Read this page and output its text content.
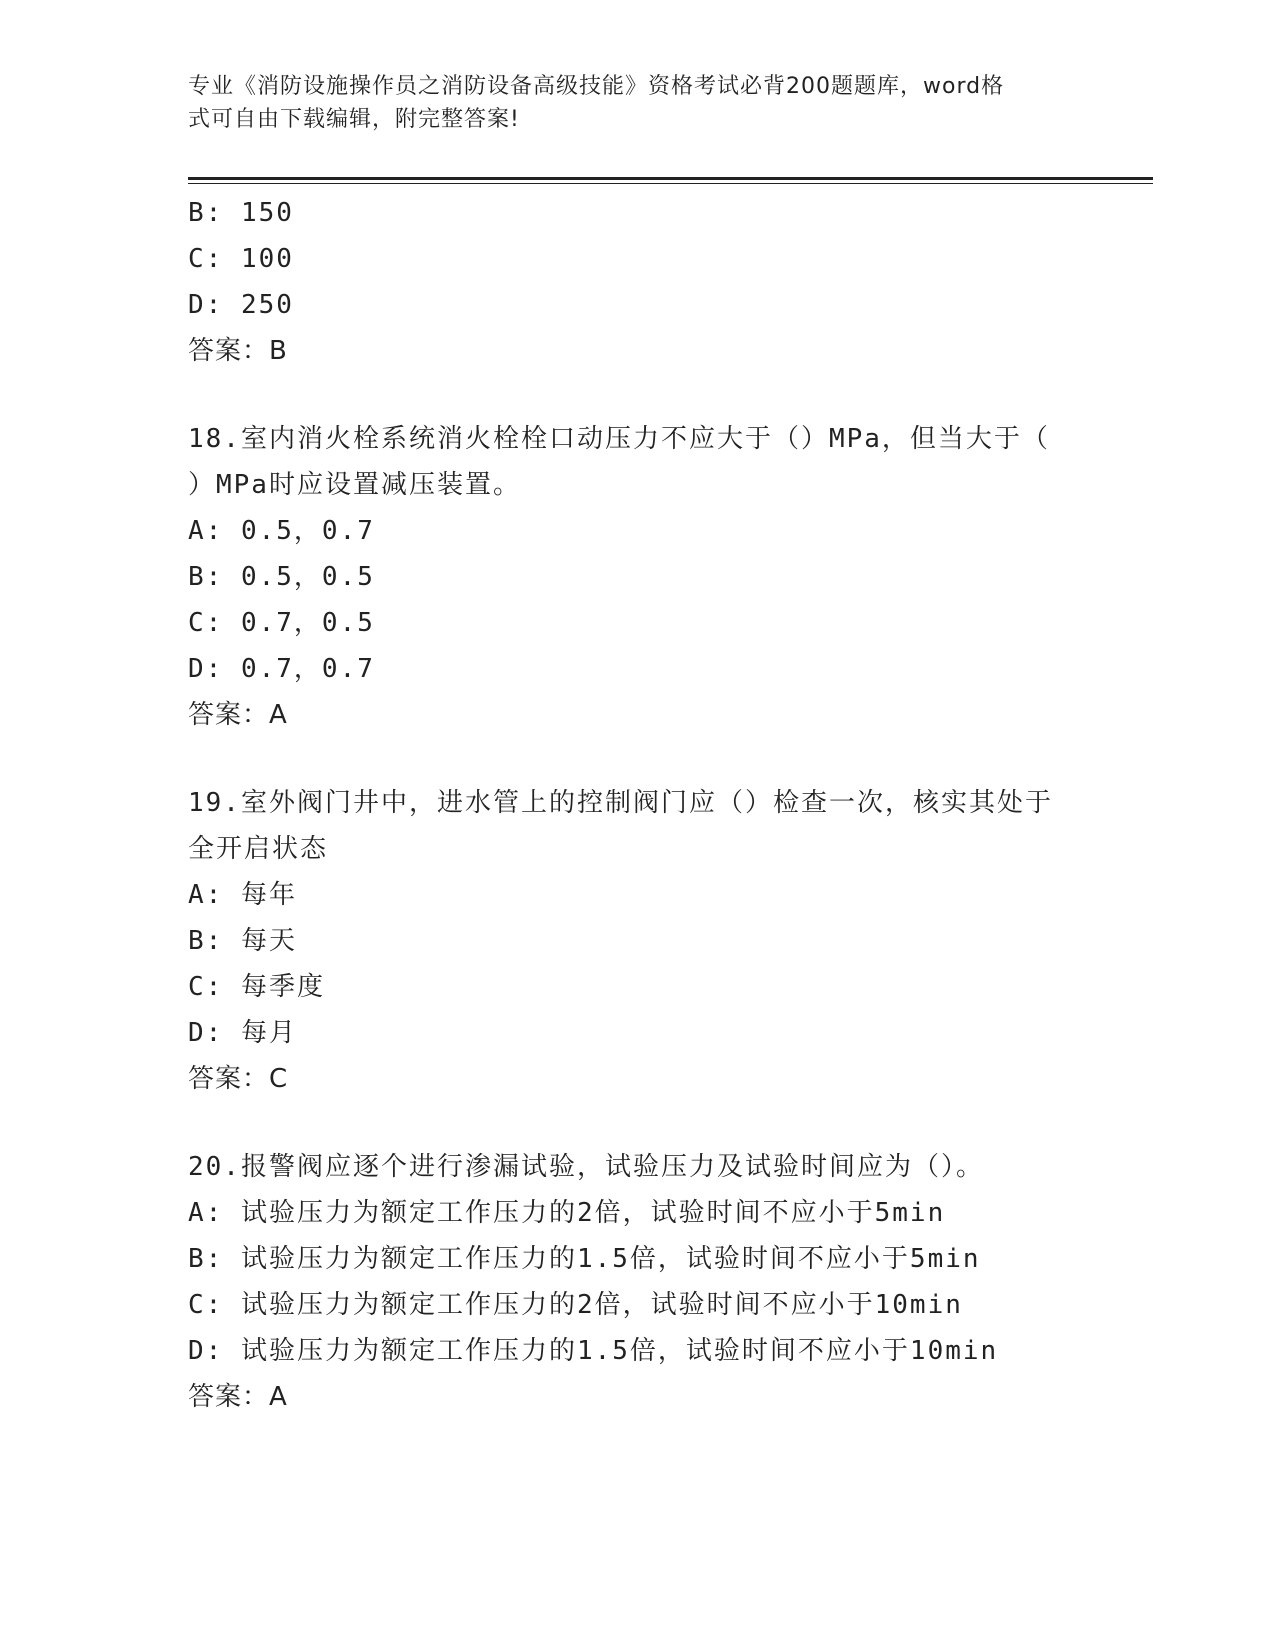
专业《消防设施操作员之消防设备高级技能》资格考试必背200题题库，word格
式可自由下载编辑，附完整答案!
B: 150
C: 100
D: 250
答案：B
18.室内消火栓系统消火栓栓口动压力不应大于（）MPa，但当大于（
）MPa时应设置减压装置。
A: 0.5，0.7
B: 0.5，0.5
C: 0.7，0.5
D: 0.7，0.7
答案：A
19.室外阀门井中，进水管上的控制阀门应（）检查一次，核实其处于
全开启状态
A: 每年
B: 每天
C: 每季度
D: 每月
答案：C
20.报警阀应逐个进行渗漏试验，试验压力及试验时间应为（）。
A: 试验压力为额定工作压力的2倍，试验时间不应小于5min
B: 试验压力为额定工作压力的1.5倍，试验时间不应小于5min
C: 试验压力为额定工作压力的2倍，试验时间不应小于10min
D: 试验压力为额定工作压力的1.5倍，试验时间不应小于10min
答案：A
